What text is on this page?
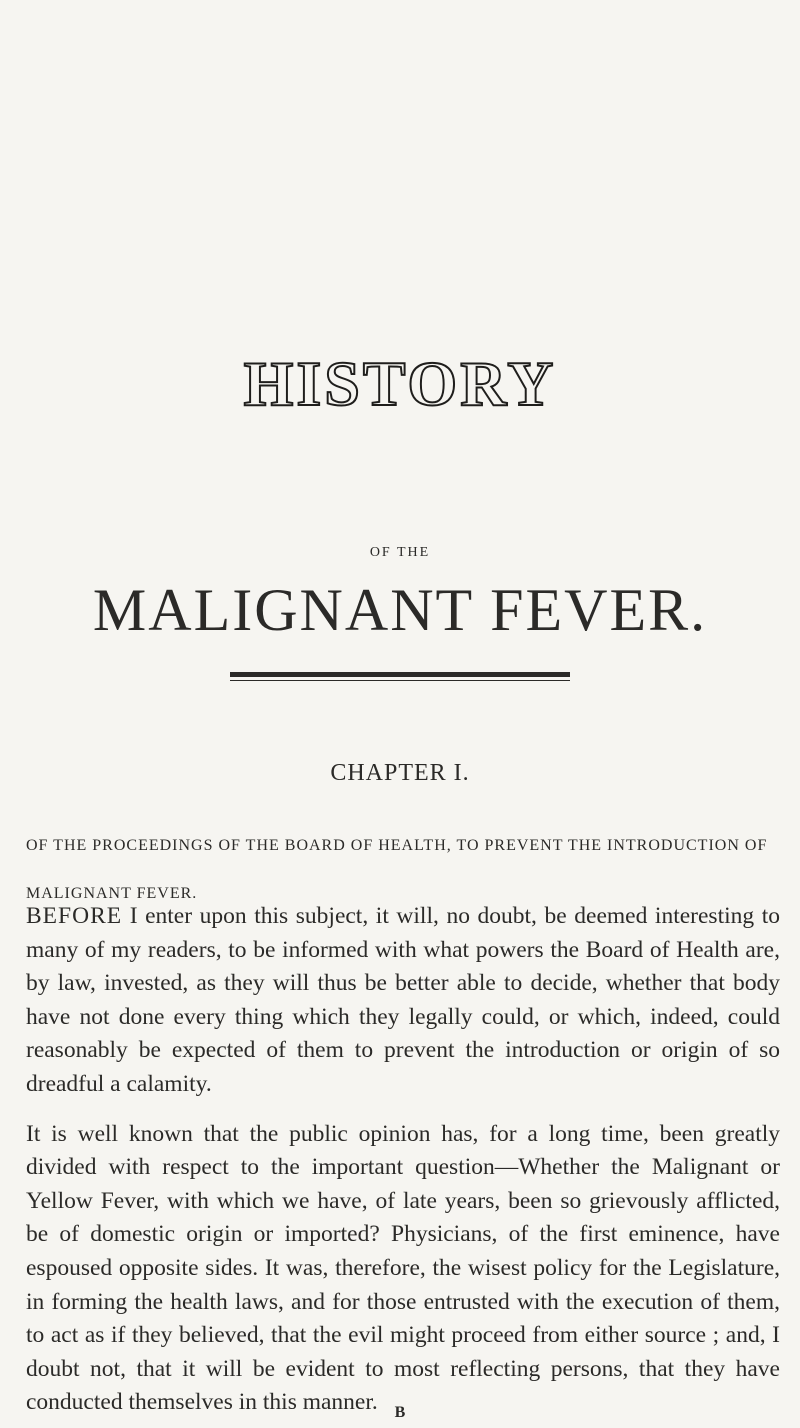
HISTORY
OF THE
MALIGNANT FEVER.
CHAPTER I.
OF THE PROCEEDINGS OF THE BOARD OF HEALTH, TO PREVENT THE INTRODUCTION OF MALIGNANT FEVER.

BEFORE I enter upon this subject, it will, no doubt, be deemed interesting to many of my readers, to be informed with what powers the Board of Health are, by law, invested, as they will thus be better able to decide, whether that body have not done every thing which they legally could, or which, indeed, could reasonably be expected of them to prevent the introduction or origin of so dreadful a calamity.

It is well known that the public opinion has, for a long time, been greatly divided with respect to the important question—Whether the Malignant or Yellow Fever, with which we have, of late years, been so grievously afflicted, be of domestic origin or imported? Physicians, of the first eminence, have espoused opposite sides. It was, therefore, the wisest policy for the Legislature, in forming the health laws, and for those entrusted with the execution of them, to act as if they believed, that the evil might proceed from either source ; and, I doubt not, that it will be evident to most reflecting persons, that they have conducted themselves in this manner.	B
